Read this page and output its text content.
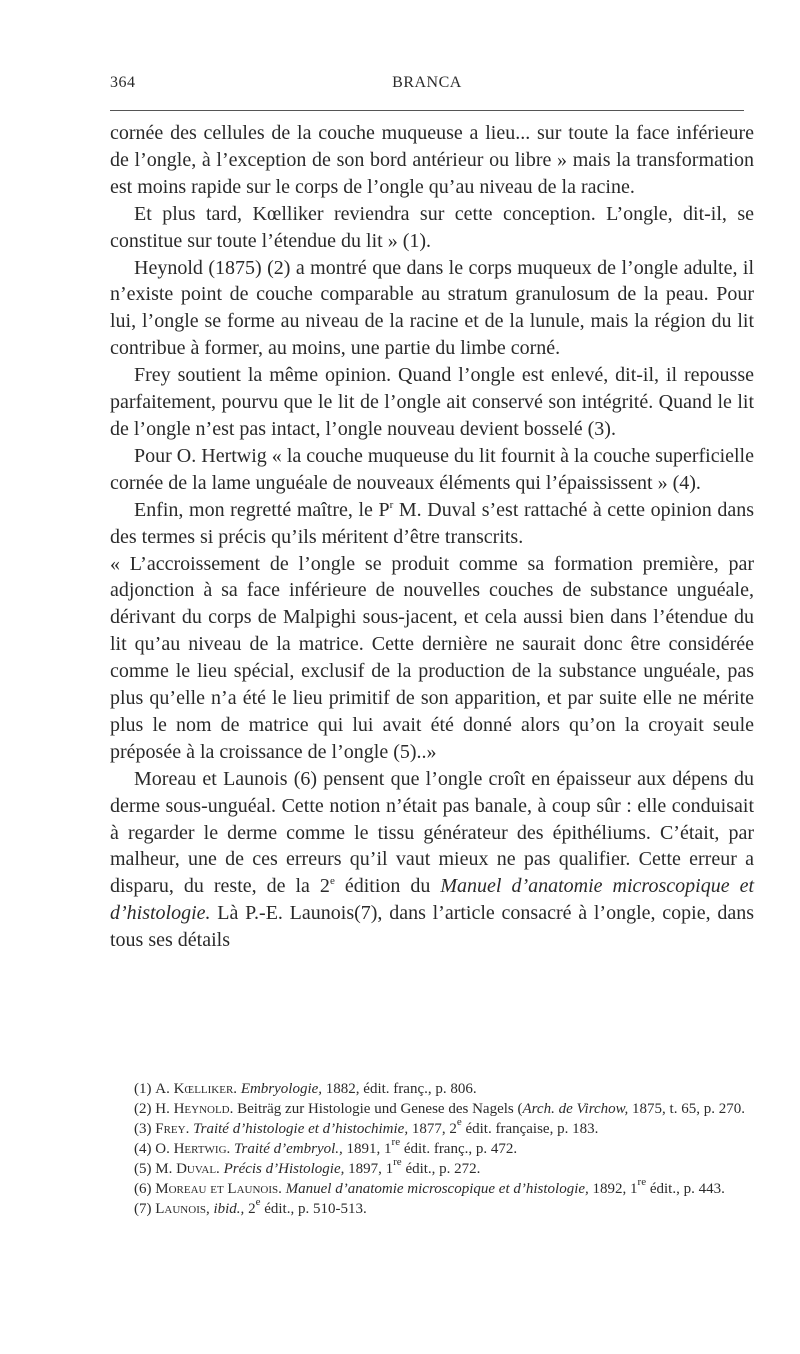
364	BRANCA

cornée des cellules de la couche muqueuse a lieu... sur toute la face inférieure de l’ongle, à l’exception de son bord antérieur ou libre » mais la transformation est moins rapide sur le corps de l’ongle qu’au niveau de la racine.

Et plus tard, Kœlliker reviendra sur cette conception. L’ongle, dit-il, se constitue sur toute l’étendue du lit » (1).

Heynold (1875) (2) a montré que dans le corps muqueux de l’ongle adulte, il n’existe point de couche comparable au stratum granulosum de la peau. Pour lui, l’ongle se forme au niveau de la racine et de la lunule, mais la région du lit contribue à former, au moins, une partie du limbe corné.

Frey soutient la même opinion. Quand l’ongle est enlevé, dit-il, il repousse parfaitement, pourvu que le lit de l’ongle ait conservé son intégrité. Quand le lit de l’ongle n’est pas intact, l’ongle nouveau devient bosselé (3).

Pour O. Hertwig « la couche muqueuse du lit fournit à la couche superficielle cornée de la lame unguéale de nouveaux éléments qui l’épaississent » (4).

Enfin, mon regretté maître, le $P^r$ M. Duval s’est rattaché à cette opinion dans des termes si précis qu’ils méritent d’être transcrits.

« L’accroissement de l’ongle se produit comme sa formation première, par adjonction à sa face inférieure de nouvelles couches de substance unguéale, dérivant du corps de Malpighi sous-jacent, et cela aussi bien dans l’étendue du lit qu’au niveau de la matrice. Cette dernière ne saurait donc être considérée comme le lieu spécial, exclusif de la production de la substance unguéale, pas plus qu’elle n’a été le lieu primitif de son apparition, et par suite elle ne mérite plus le nom de matrice qui lui avait été donné alors qu’on la croyait seule préposée à la croissance de l’ongle (5)..»

Moreau et Launois (6) pensent que l’ongle croît en épaisseur aux dépens du derme sous-unguéal. Cette notion n’était pas banale, à coup sûr : elle conduisait à regarder le derme comme le tissu générateur des épithéliums. C’était, par malheur, une de ces erreurs qu’il vaut mieux ne pas qualifier. Cette erreur a disparu, du reste, de la 2e édition du Manuel d’anatomie microscopique et d’histologie. Là P.-E. Launois(7), dans l’article consacré à l’ongle, copie, dans tous ses détails

(1) A. Kœlliker. Embryologie, 1882, édit. franç., p. 806.
(2) H. Heynold. Beiträg zur Histologie und Genese des Nagels (Arch. de Virchow, 1875, t. 65, p. 270.
(3) Frey. Traité d’histologie et d’histochimie, 1877, 2e édit. française, p. 183.
(4) O. Hertwig. Traité d’embryol., 1891, 1re édit. franç., p. 472.
(5) M. Duval. Précis d’Histologie, 1897, 1re édit., p. 272.
(6) Moreau et Launois. Manuel d’anatomie microscopique et d’histologie, 1892, 1re édit., p. 443.
(7) Launois, ibid., 2e édit., p. 510-513.
